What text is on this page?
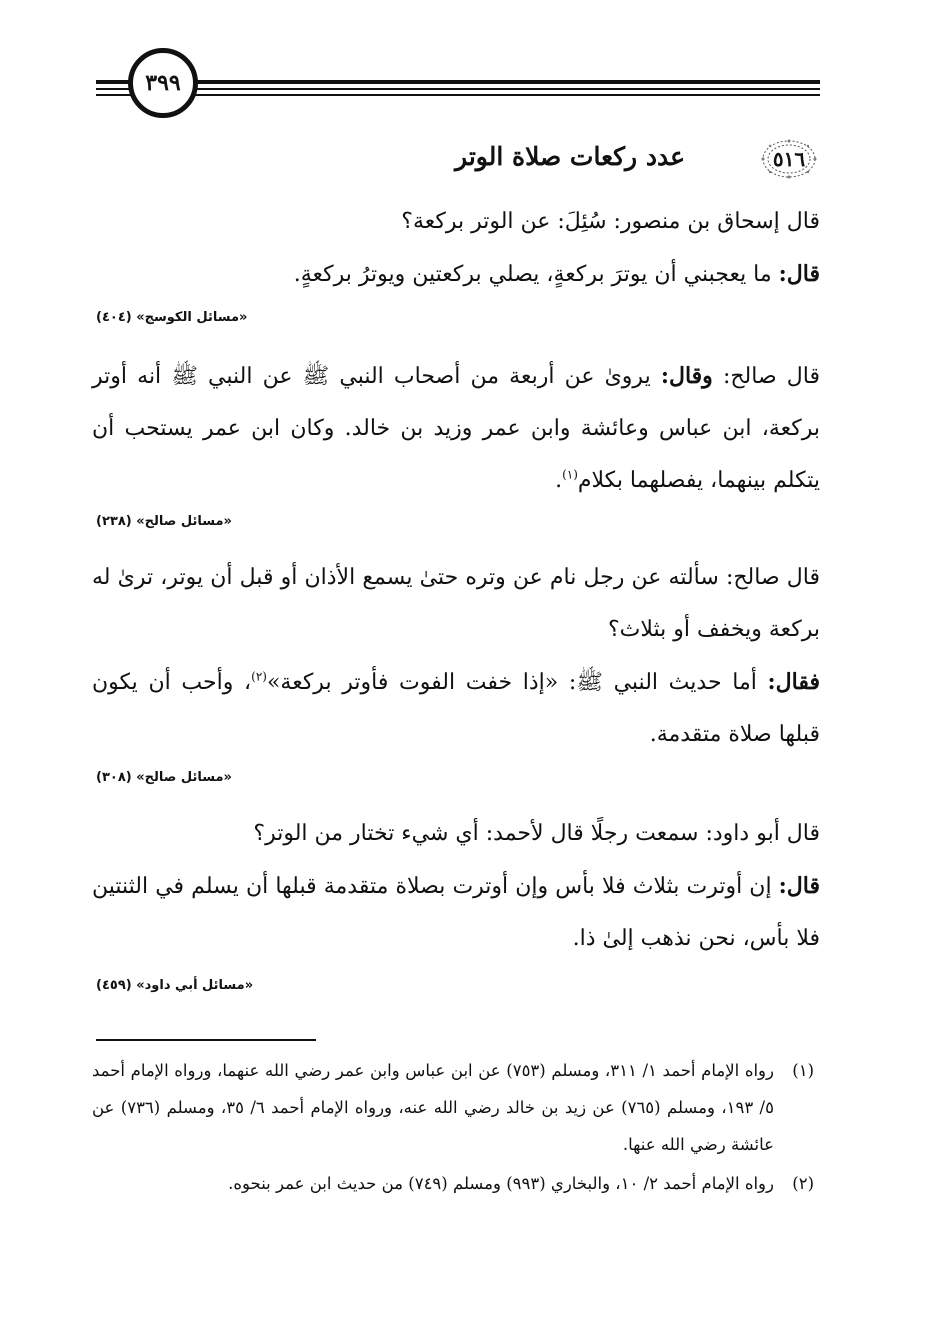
٣٩٩
٥١٦
عدد ركعات صلاة الوتر

قال إسحاق بن منصور: سُئِلَ: عن الوتر بركعة؟

قال: ما يعجبني أن يوترَ بركعةٍ، يصلي بركعتين ويوترُ بركعةٍ.

«مسائل الكوسج» (٤٠٤)

قال صالح: وقال: يروىٰ عن أربعة من أصحاب النبي ﷺ عن النبي ﷺ أنه أوتر بركعة، ابن عباس وعائشة وابن عمر وزيد بن خالد. وكان ابن عمر يستحب أن يتكلم بينهما، يفصلهما بكلام$^{(١)}$.

«مسائل صالح» (٢٣٨)

قال صالح: سألته عن رجل نام عن وتره حتىٰ يسمع الأذان أو قبل أن يوتر، ترىٰ له بركعة ويخفف أو بثلاث؟

فقال: أما حديث النبي ﷺ: «إذا خفت الفوت فأوتر بركعة»$^{(٢)}$، وأحب أن يكون قبلها صلاة متقدمة.

«مسائل صالح» (٣٠٨)

قال أبو داود: سمعت رجلًا قال لأحمد: أي شيء تختار من الوتر؟

قال: إن أوترت بثلاث فلا بأس وإن أوترت بصلاة متقدمة قبلها أن يسلم في الثنتين فلا بأس، نحن نذهب إلىٰ ذا.

«مسائل أبي داود» (٤٥٩)
(١)
رواه الإمام أحمد ١/ ٣١١، ومسلم (٧٥٣) عن ابن عباس وابن عمر رضي الله عنهما، ورواه الإمام أحمد ٥/ ١٩٣، ومسلم (٧٦٥) عن زيد بن خالد رضي الله عنه، ورواه الإمام أحمد ٦/ ٣٥، ومسلم (٧٣٦) عن عائشة رضي الله عنها.
(٢)
رواه الإمام أحمد ٢/ ١٠، والبخاري (٩٩٣) ومسلم (٧٤٩) من حديث ابن عمر بنحوه.
